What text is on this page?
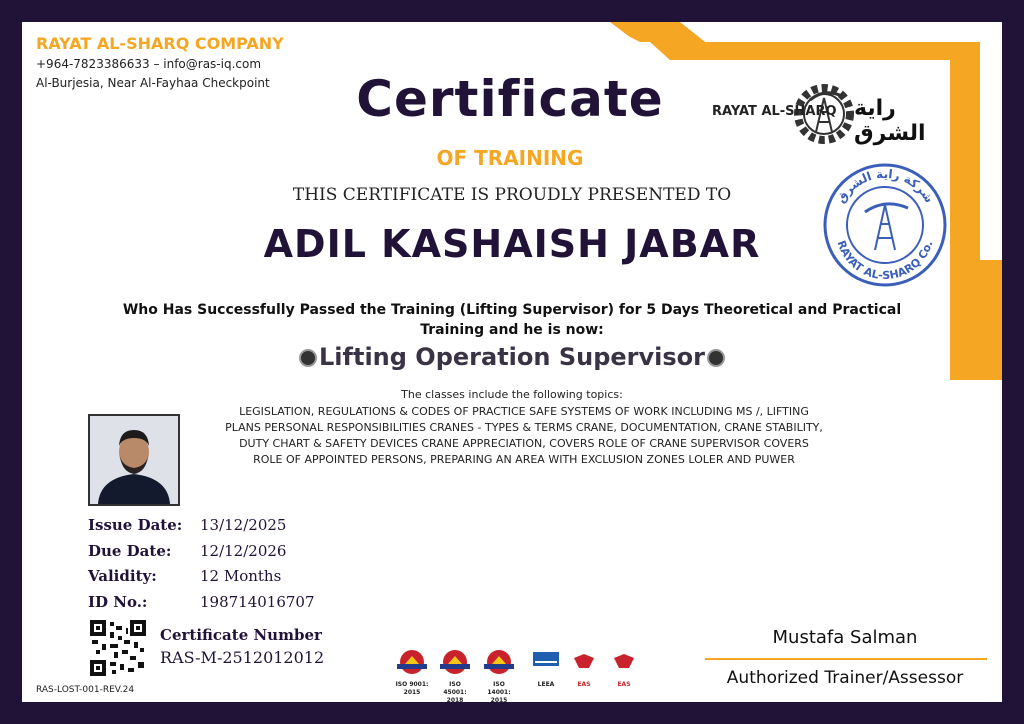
RAYAT AL-SHARQ COMPANY
+964-7823386633 – info@ras-iq.com
Al-Burjesia, Near Al-Fayhaa Checkpoint	Certificate
OF TRAINING
RAYAT AL-SHARQ راية الشرق
شركة راية الشرق
RAYAT AL-SHARQ Co.
THIS CERTIFICATE IS PROUDLY PRESENTED TO
ADIL KASHAISH JABAR
Who Has Successfully Passed the Training (Lifting Supervisor) for 5 Days Theoretical and Practical
Training and he is now:
Lifting Operation Supervisor
The classes include the following topics:
LEGISLATION, REGULATIONS & CODES OF PRACTICE SAFE SYSTEMS OF WORK INCLUDING MS /, LIFTING PLANS PERSONAL RESPONSIBILITIES CRANES - TYPES & TERMS CRANE, DOCUMENTATION, CRANE STABILITY, DUTY CHART & SAFETY DEVICES CRANE APPRECIATION, COVERS ROLE OF CRANE SUPERVISOR COVERS ROLE OF APPOINTED PERSONS, PREPARING AN AREA WITH EXCLUSION ZONES LOLER AND PUWER
Issue Date: 13/12/2025
Due Date: 12/12/2026
Validity:	12 Months
ID No.:	198714016707
Certificate Number
RAS-M-2512012012
RAS-LOST-001-REV.24
ISO 9001:
2015
ISO 45001:
2018
ISO 14001:
2015
LEEA	EAS	EAS
Mustafa Salman
Authorized Trainer/Assessor
